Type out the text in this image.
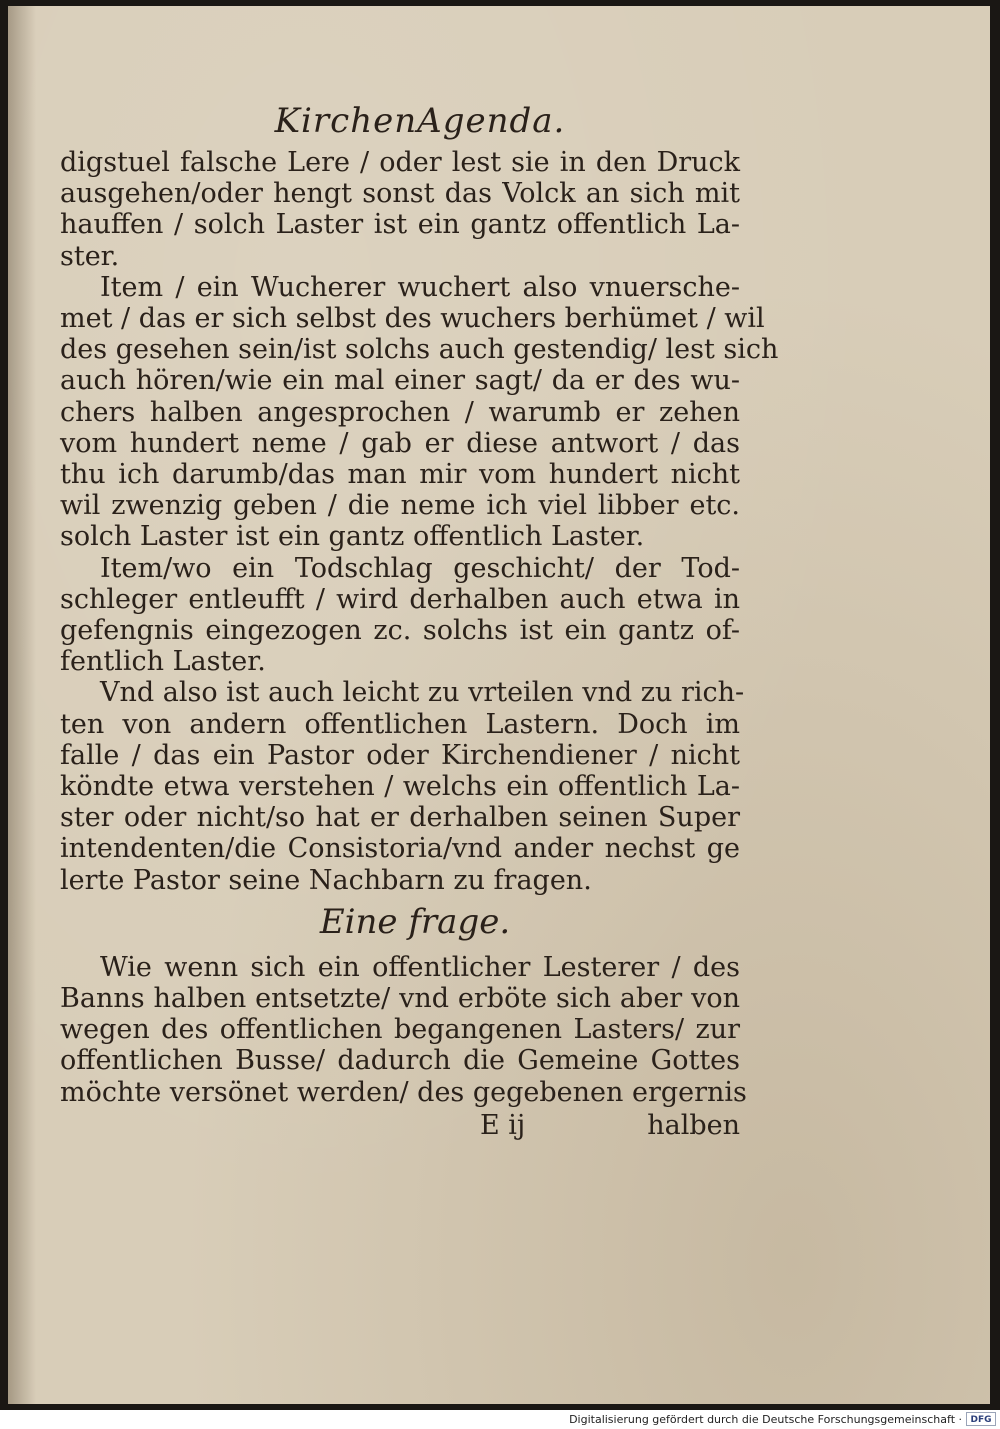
KirchenAgenda.

digstuel falsche Lere / oder lest sie in den Druck

ausgehen/oder hengt sonst das Volck an sich mit

hauffen / solch Laster ist ein gantz offentlich La-

ster.

Item / ein Wucherer wuchert also vnuersche-

met / das er sich selbst des wuchers berhümet / wil

des gesehen sein/ist solchs auch gestendig/ lest sich

auch hören/wie ein mal einer sagt/ da er des wu-

chers halben angesprochen / warumb er zehen

vom hundert neme / gab er diese antwort / das

thu ich darumb/das man mir vom hundert nicht

wil zwenzig geben / die neme ich viel libber etc.

solch Laster ist ein gantz offentlich Laster.

Item/wo ein Todschlag geschicht/ der Tod-

schleger entleufft / wird derhalben auch etwa in

gefengnis eingezogen zc. solchs ist ein gantz of-

fentlich Laster.

Vnd also ist auch leicht zu vrteilen vnd zu rich-

ten von andern offentlichen Lastern. Doch im

falle / das ein Pastor oder Kirchendiener / nicht

köndte etwa verstehen / welchs ein offentlich La-

ster oder nicht/so hat er derhalben seinen Super

intendenten/die Consistoria/vnd ander nechst ge

lerte Pastor seine Nachbarn zu fragen.

Eine frage.

Wie wenn sich ein offentlicher Lesterer / des

Banns halben entsetzte/ vnd erböte sich aber von

wegen des offentlichen begangenen Lasters/ zur

offentlichen Busse/ dadurch die Gemeine Gottes

möchte versönet werden/ des gegebenen ergernis

E ij	halben
Digitalisierung gefördert durch die Deutsche Forschungsgemeinschaft · DFG
